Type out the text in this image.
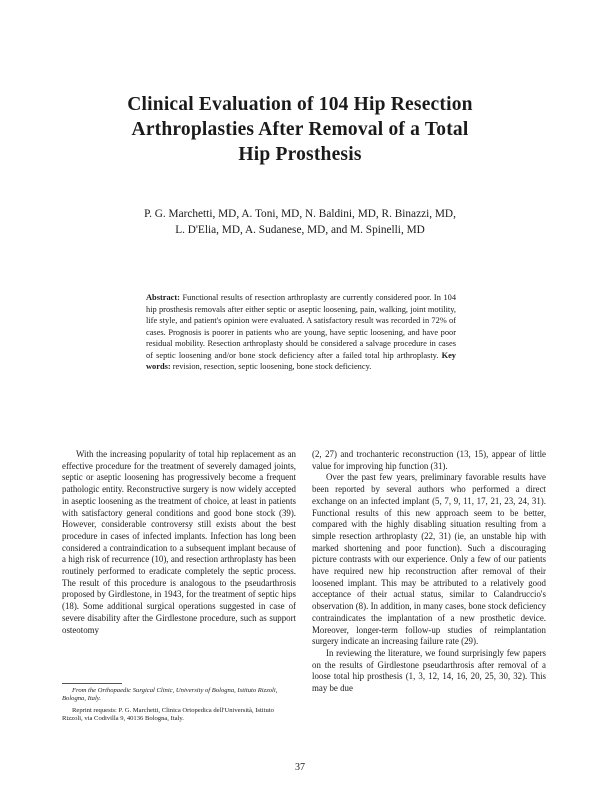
Clinical Evaluation of 104 Hip Resection
Arthroplasties After Removal of a Total
Hip Prosthesis
P. G. Marchetti, MD, A. Toni, MD, N. Baldini, MD, R. Binazzi, MD,
L. D'Elia, MD, A. Sudanese, MD, and M. Spinelli, MD

Abstract: Functional results of resection arthroplasty are currently considered poor. In 104 hip prosthesis removals after either septic or aseptic loosening, pain, walking, joint motility, life style, and patient's opinion were evaluated. A satisfactory result was recorded in 72% of cases. Prognosis is poorer in patients who are young, have septic loosening, and have poor residual mobility. Resection arthroplasty should be considered a salvage procedure in cases of septic loosening and/or bone stock deficiency after a failed total hip arthroplasty. Key words: revision, resection, septic loosening, bone stock deficiency.

With the increasing popularity of total hip replacement as an effective procedure for the treatment of severely damaged joints, septic or aseptic loosening has progressively become a frequent pathologic entity. Reconstructive surgery is now widely accepted in aseptic loosening as the treatment of choice, at least in patients with satisfactory general conditions and good bone stock (39). However, considerable controversy still exists about the best procedure in cases of infected implants. Infection has long been considered a contraindication to a subsequent implant because of a high risk of recurrence (10), and resection arthroplasty has been routinely performed to eradicate completely the septic process. The result of this procedure is analogous to the pseudarthrosis proposed by Girdlestone, in 1943, for the treatment of septic hips (18). Some additional surgical operations suggested in case of severe disability after the Girdlestone procedure, such as support osteotomy

(2, 27) and trochanteric reconstruction (13, 15), appear of little value for improving hip function (31).

Over the past few years, preliminary favorable results have been reported by several authors who performed a direct exchange on an infected implant (5, 7, 9, 11, 17, 21, 23, 24, 31). Functional results of this new approach seem to be better, compared with the highly disabling situation resulting from a simple resection arthroplasty (22, 31) (ie, an unstable hip with marked shortening and poor function). Such a discouraging picture contrasts with our experience. Only a few of our patients have required new hip reconstruction after removal of their loosened implant. This may be attributed to a relatively good acceptance of their actual status, similar to Calandruccio's observation (8). In addition, in many cases, bone stock deficiency contraindicates the implantation of a new prosthetic device. Moreover, longer-term follow-up studies of reimplantation surgery indicate an increasing failure rate (29).

In reviewing the literature, we found surprisingly few papers on the results of Girdlestone pseudarthrosis after removal of a loose total hip prosthesis (1, 3, 12, 14, 16, 20, 25, 30, 32). This may be due

From the Orthopaedic Surgical Clinic, University of Bologna, Istituto Rizzoli, Bologna, Italy.

Reprint requests: P. G. Marchetti, Clinica Ortopedica dell'Università, Istituto Rizzoli, via Codivilla 9, 40136 Bologna, Italy.

37
